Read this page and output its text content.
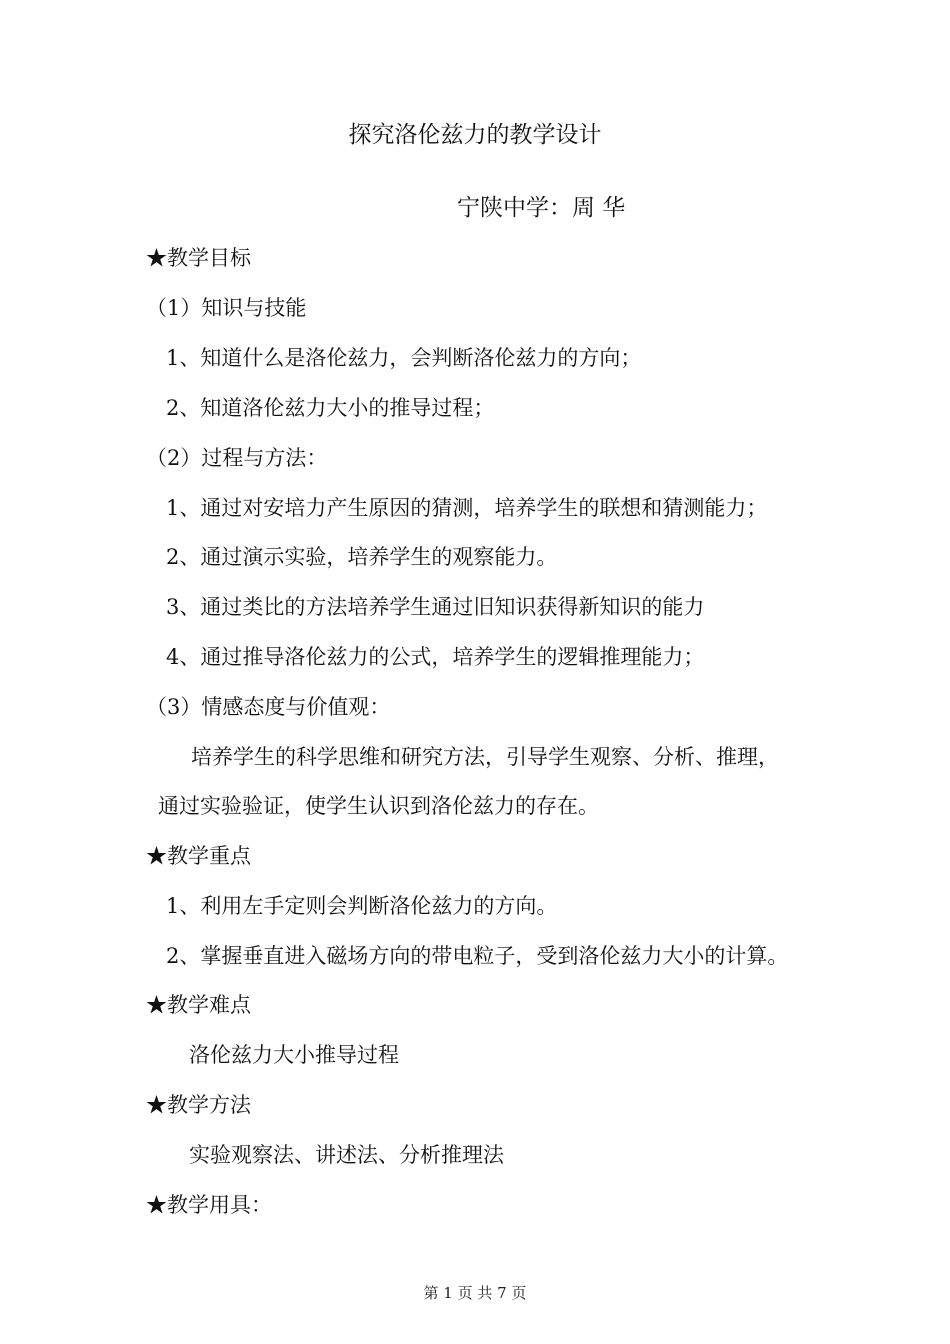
探究洛伦兹力的教学设计
宁陕中学：周 华
★教学目标
（1）知识与技能
1、知道什么是洛伦兹力，会判断洛伦兹力的方向；
2、知道洛伦兹力大小的推导过程；
（2）过程与方法：
1、通过对安培力产生原因的猜测，培养学生的联想和猜测能力；
2、通过演示实验，培养学生的观察能力。
3、通过类比的方法培养学生通过旧知识获得新知识的能力
4、通过推导洛伦兹力的公式，培养学生的逻辑推理能力；
（3）情感态度与价值观：
培养学生的科学思维和研究方法，引导学生观察、分析、推理，
通过实验验证，使学生认识到洛伦兹力的存在。
★教学重点
1、利用左手定则会判断洛伦兹力的方向。
2、掌握垂直进入磁场方向的带电粒子，受到洛伦兹力大小的计算。
★教学难点
洛伦兹力大小推导过程
★教学方法
实验观察法、讲述法、分析推理法
★教学用具：
第 1 页 共 7 页
